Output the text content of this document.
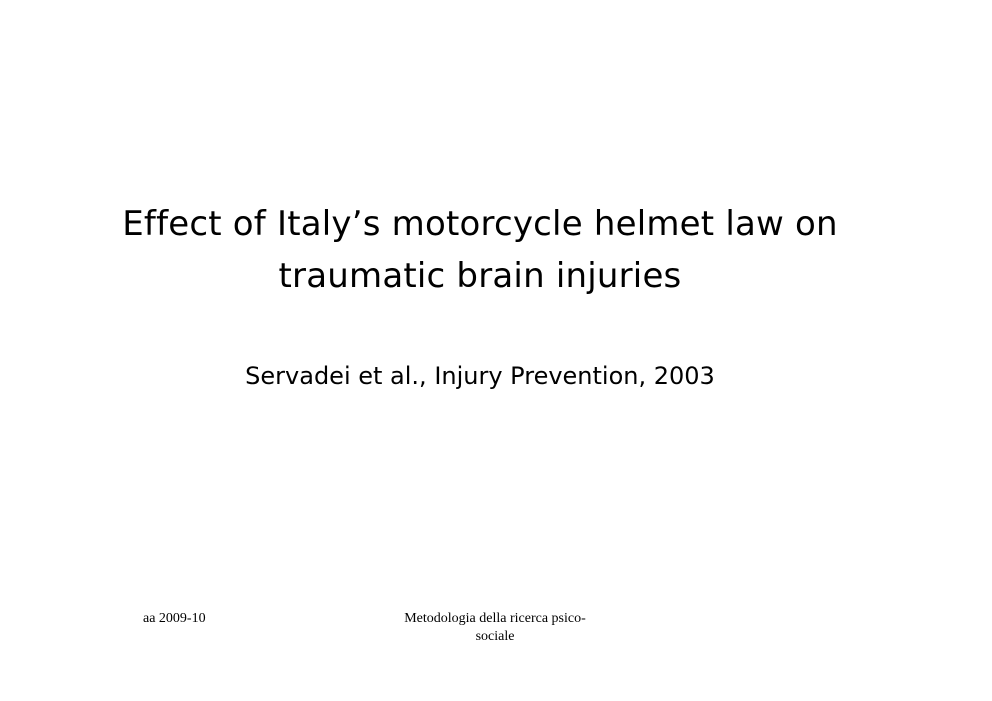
Effect of Italy’s motorcycle helmet law on
traumatic brain injuries
Servadei et al., Injury Prevention, 2003
aa 2009-10	Metodologia della ricerca psico-
sociale
